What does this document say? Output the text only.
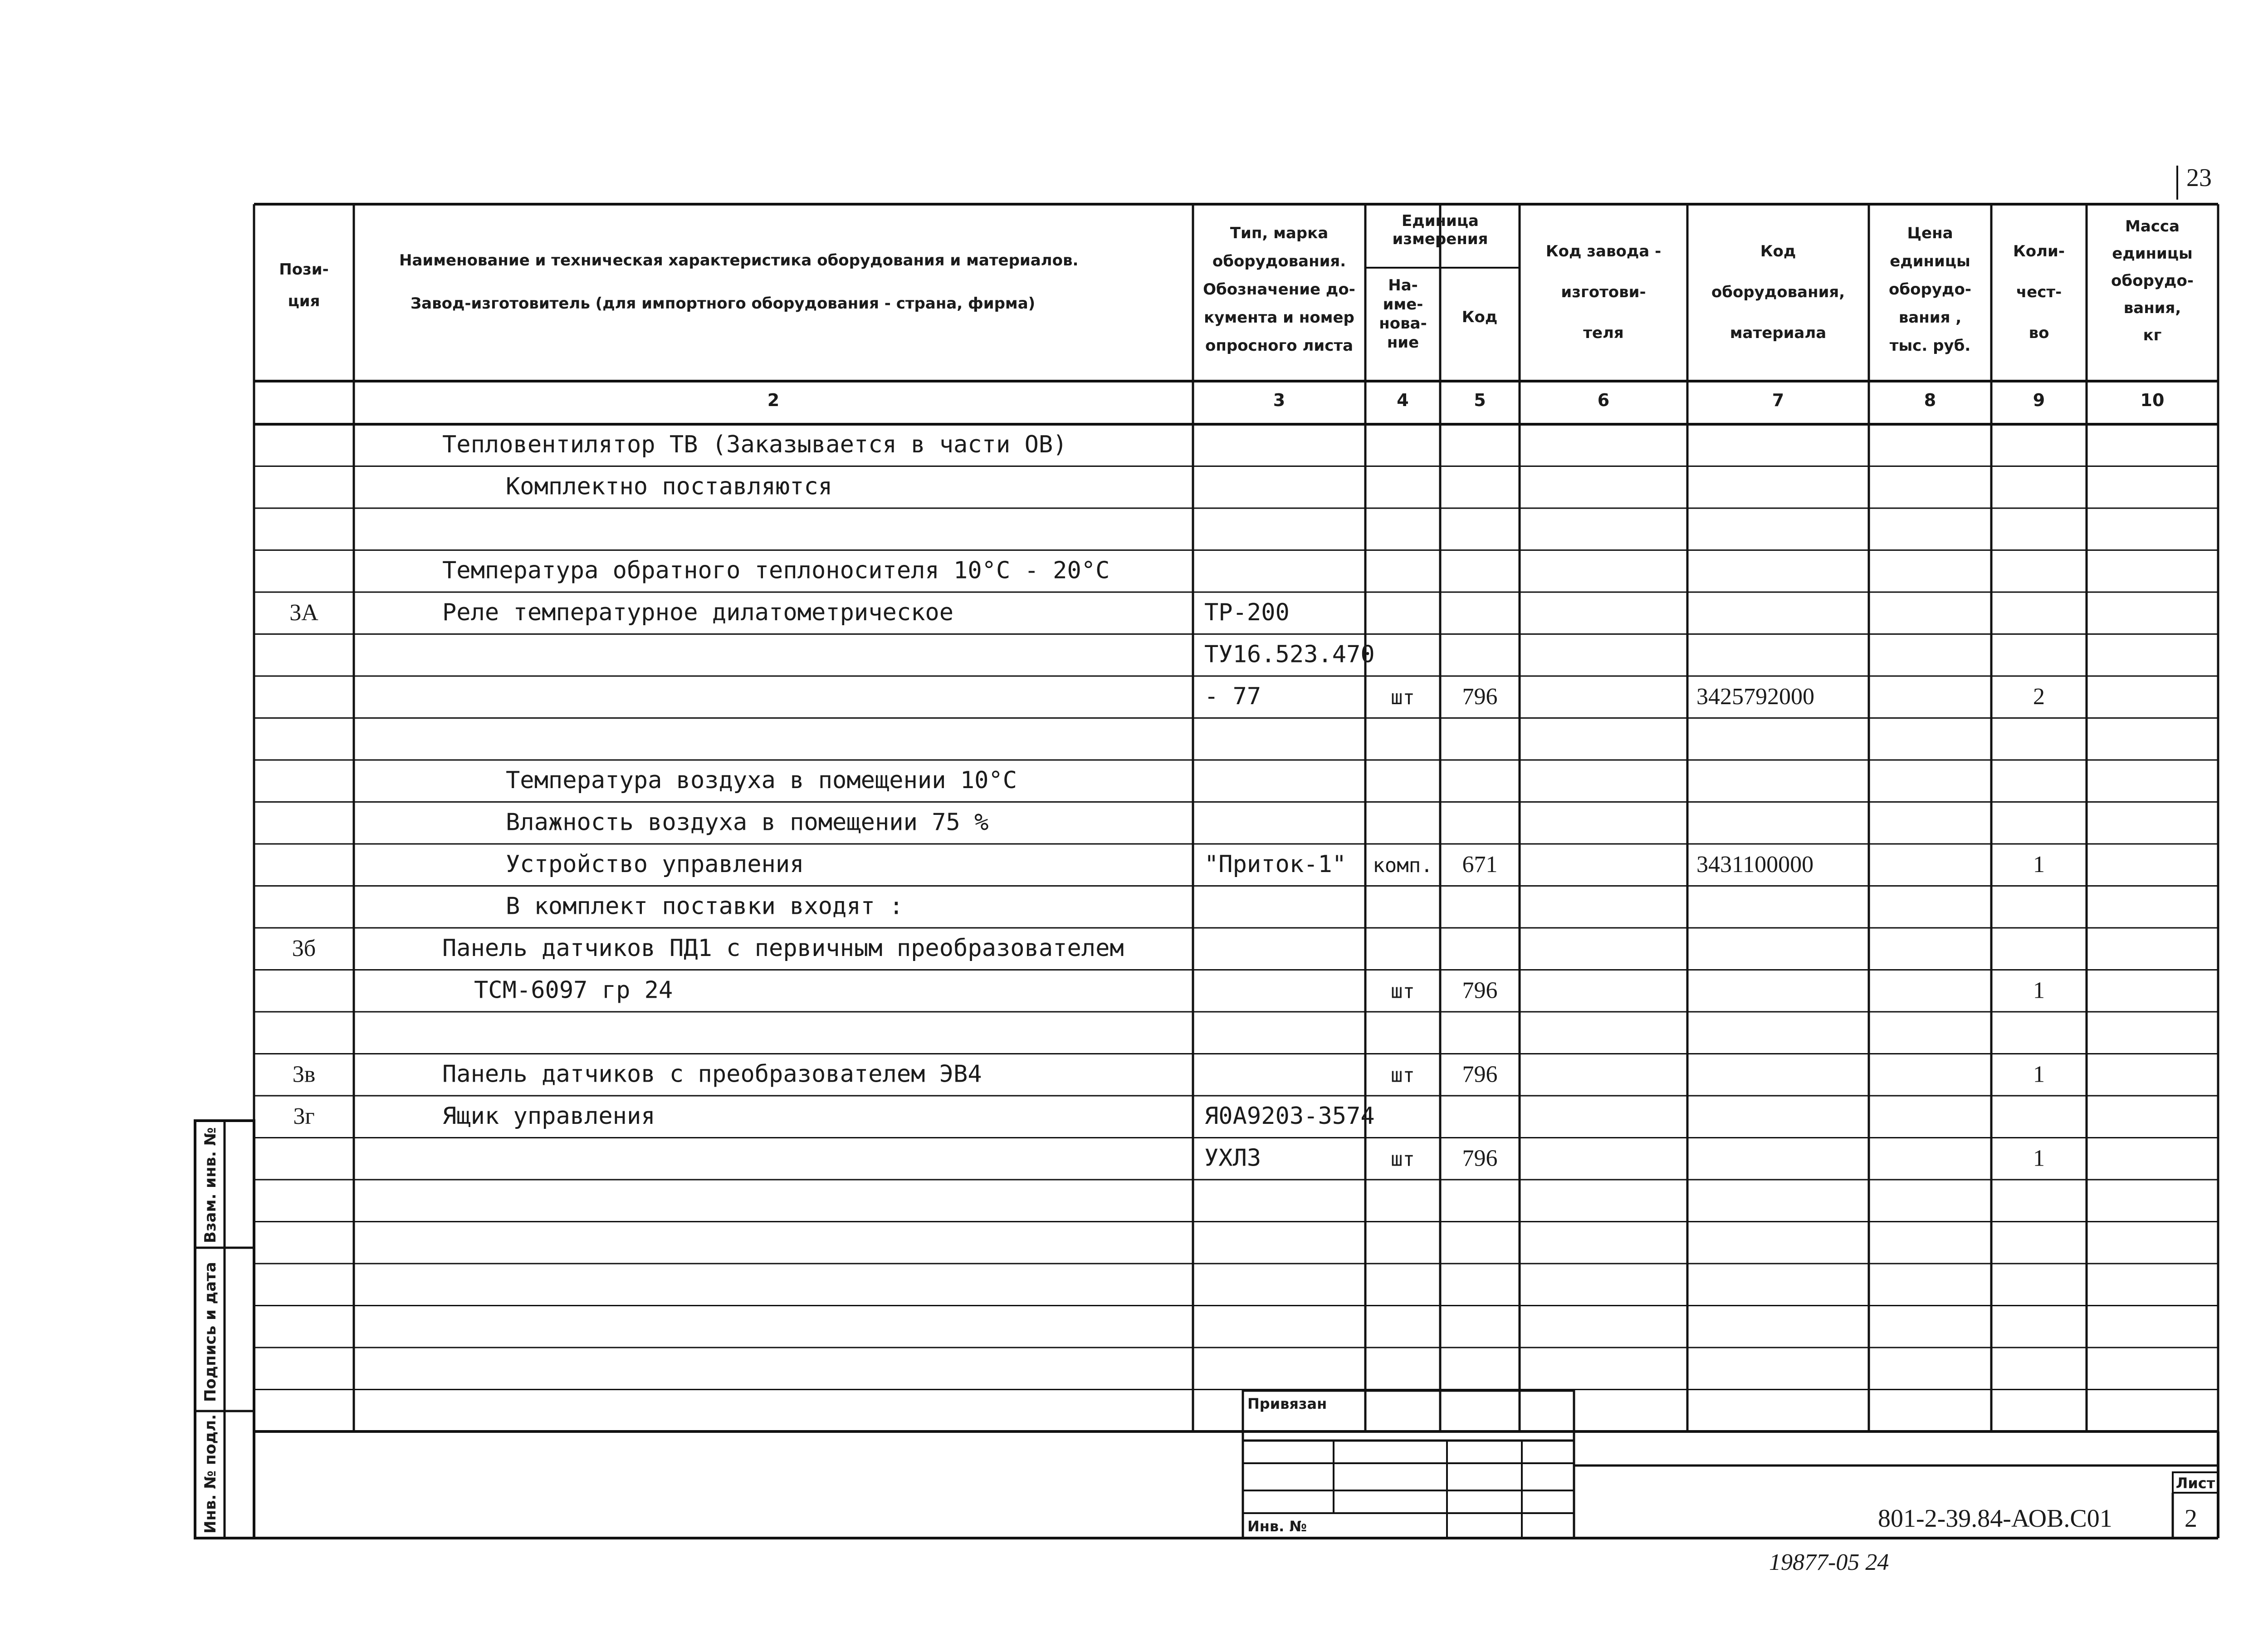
23
Взам. инв. №
Подпись и дата
Инв. № подл.
Пози-
ция
Наименование и техническая характеристика оборудования и материалов.
Завод-изготовитель (для импортного оборудования - страна, фирма)
Тип, марка
оборудования.
Обозначение до-
кумента и номер
опросного листа
Единица
измерения
На-
име-
нова-
ние
Код
Код завода -
изготови-
теля
Код
оборудования,
материала
Цена
единицы
оборудо-
вания ,
тыс. руб.
Коли-
чест-
во
Масса
единицы
оборудо-
вания,
кг
2	3	4	5	6	7	8	9	10
Тепловентилятор ТВ (Заказывается в части ОВ)
Комплектно поставляются
Температура обратного теплоносителя 10°С - 20°С
3А	Реле температурное дилатометрическое	ТР-200
ТУ16.523.470
- 77	шт 796	3425792000	2
Температура воздуха в помещении 10°С
Влажность воздуха в помещении 75 %
Устройство управления	"Приток-1" комп. 671	3431100000	1
В комплект поставки входят :
3б	Панель датчиков ПД1 с первичным преобразователем
ТСМ-6097 гр 24	шт 796	1
3в	Панель датчиков с преобразователем ЭВ4	шт 796	1
3г	Ящик управления	Я0А9203-3574
УХЛ3	шт 796	1
Привязан
Инв. №
Лист
2
801-2-39.84-АОВ.С01
19877-05 24
